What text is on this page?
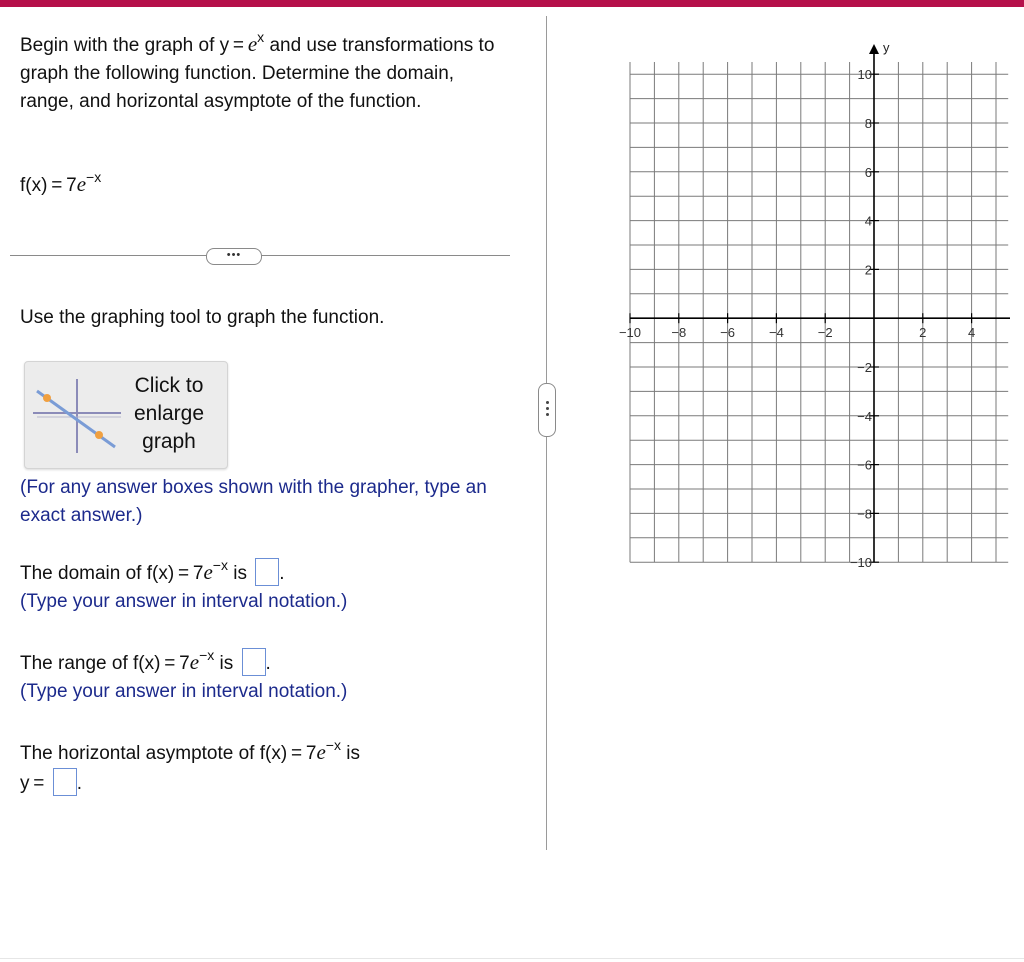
Begin with the graph of $y = e^x$ and use transformations to graph the following function. Determine the domain, range, and horizontal asymptote of the function.

$f(x) = 7e^{-x}$
•••
Use the graphing tool to graph the function.
Click to enlarge graph
(For any answer boxes shown with the grapher, type an exact answer.)
The domain of $f(x) = 7e^{-x}$ is .
(Type your answer in interval notation.)
The range of $f(x) = 7e^{-x}$ is .
(Type your answer in interval notation.)
The horizontal asymptote of $f(x) = 7e^{-x}$ is
y = .
y
−10 −8	−6	−4	−2	2	4
10
8
6
4
2
−2
−4
−6
−8
−10
